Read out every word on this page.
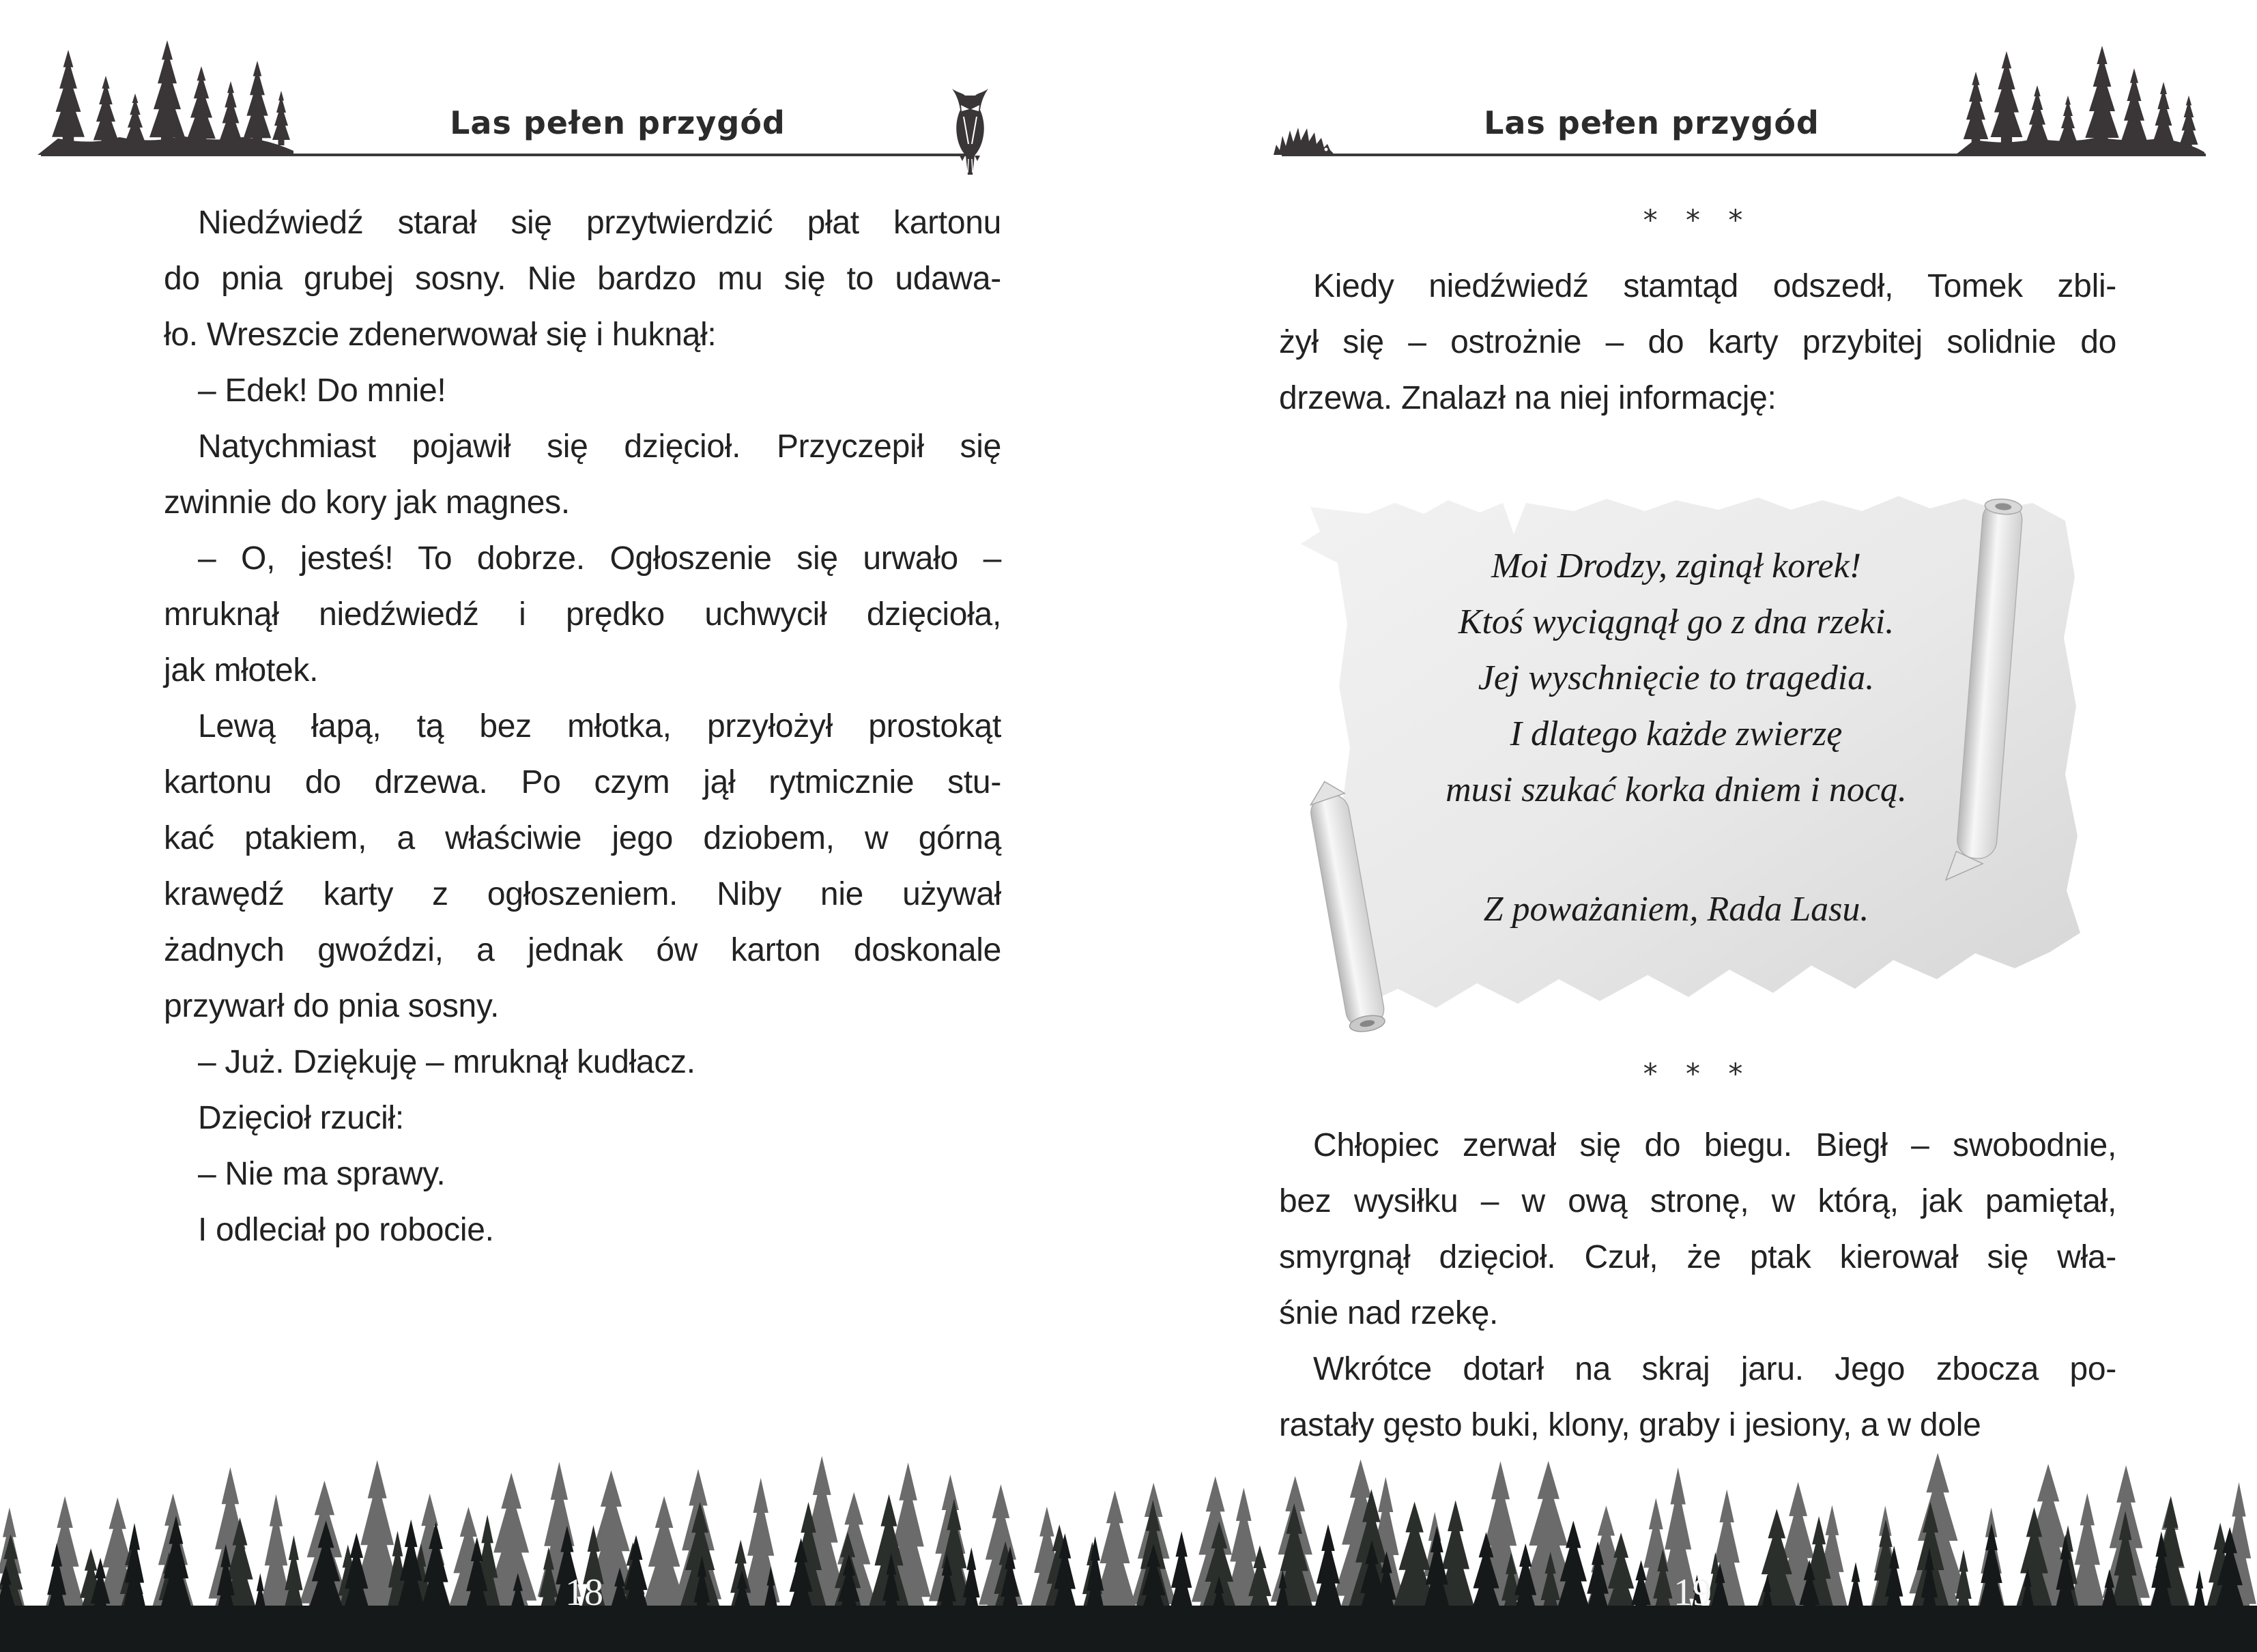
Las pełen przygód	Las pełen przygód
Niedźwiedź starał się przytwierdzić płat kartonu
do pnia grubej sosny. Nie bardzo mu się to udawa-
ło. Wreszcie zdenerwował się i huknął:
– Edek! Do mnie!
Natychmiast pojawił się dzięcioł. Przyczepił się
zwinnie do kory jak magnes.
– O, jesteś! To dobrze. Ogłoszenie się urwało –
mruknął niedźwiedź i prędko uchwycił dzięcioła,
jak młotek.
Lewą łapą, tą bez młotka, przyłożył prostokąt
kartonu do drzewa. Po czym jął rytmicznie stu-
kać ptakiem, a właściwie jego dziobem, w górną
krawędź karty z ogłoszeniem. Niby nie używał
żadnych gwoździ, a jednak ów karton doskonale
przywarł do pnia sosny.
– Już. Dziękuję – mruknął kudłacz.
Dzięcioł rzucił:
– Nie ma sprawy.
I odleciał po robocie.
* * *
Kiedy niedźwiedź stamtąd odszedł, Tomek zbli-
żył się – ostrożnie – do karty przybitej solidnie do
drzewa. Znalazł na niej informację:
Moi Drodzy, zginął korek!
Ktoś wyciągnął go z dna rzeki.
Jej wyschnięcie to tragedia.
I dlatego każde zwierzę
musi szukać korka dniem i nocą.
Z poważaniem, Rada Lasu.
* * *
Chłopiec zerwał się do biegu. Biegł – swobodnie,
bez wysiłku – w ową stronę, w którą, jak pamiętał,
smyrgnął dzięcioł. Czuł, że ptak kierował się wła-
śnie nad rzekę.
Wkrótce dotarł na skraj jaru. Jego zbocza po-
rastały gęsto buki, klony, graby i jesiony, a w dole
18	19
